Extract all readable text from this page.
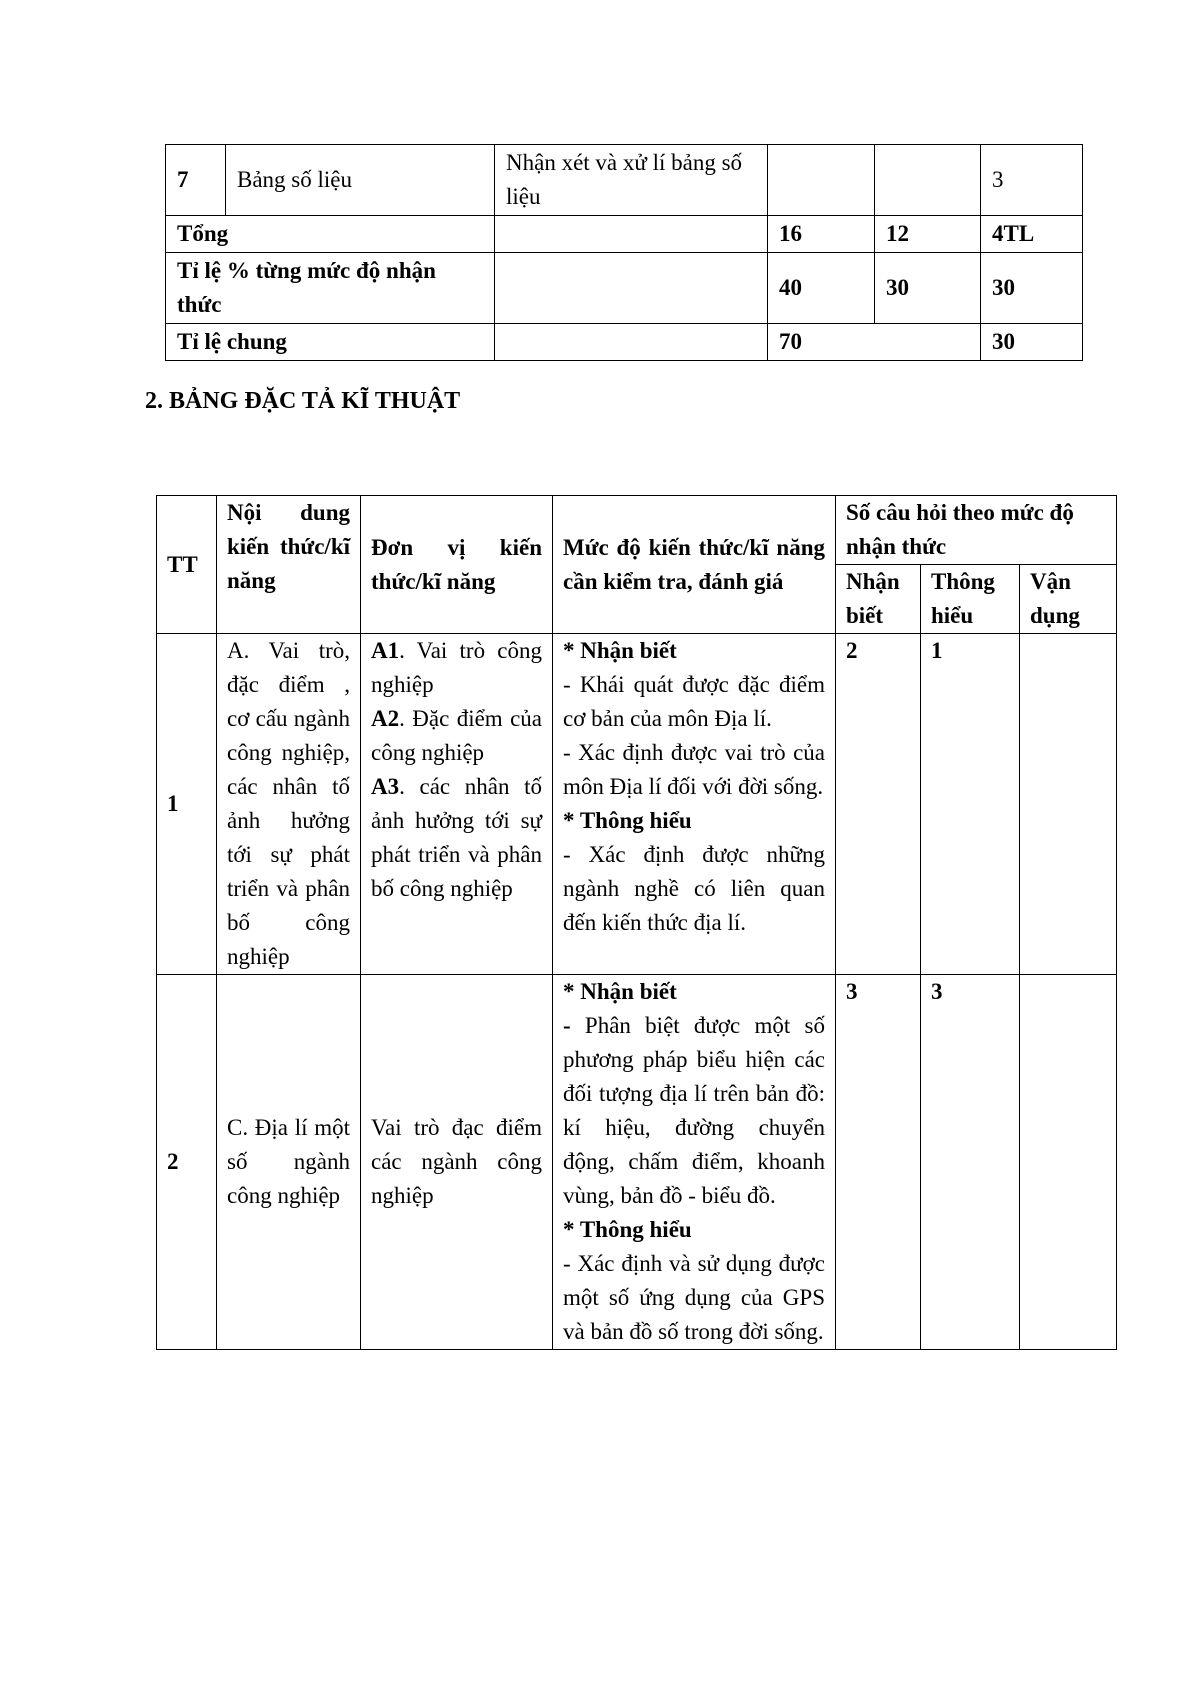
7	Bảng số liệu	Nhận xét và xử lí bảng số liệu			3
Tổng			16	12	4TL
Tỉ lệ % từng mức độ nhận thức			40	30	30
Tỉ lệ chung			70		30
2. BẢNG ĐẶC TẢ KĨ THUẬT
TT	Nội dung kiến thức/kĩ năng	Đơn vị kiến thức/kĩ năng	Mức độ kiến thức/kĩ năng cần kiểm tra, đánh giá	Số câu hỏi theo mức độ nhận thức		
				Nhận biết	Thông hiểu	Vận dụng
1	A. Vai trò, đặc điểm , cơ cấu ngành công nghiệp, các nhân tố ảnh hưởng tới sự phát triển và phân bố công nghiệp	A1. Vai trò công nghiệp
A2. Đặc điểm của công nghiệp
A3. các nhân tố ảnh hưởng tới sự phát triển và phân bố công nghiệp	* Nhận biết
- Khái quát được đặc điểm cơ bản của môn Địa lí.
- Xác định được vai trò của môn Địa lí đối với đời sống.
* Thông hiểu
- Xác định được những ngành nghề có liên quan đến kiến thức địa lí.	2	1	
2	C. Địa lí một số ngành công nghiệp	Vai trò đạc điểm các ngành công nghiệp	* Nhận biết
- Phân biệt được một số phương pháp biểu hiện các đối tượng địa lí trên bản đồ: kí hiệu, đường chuyển động, chấm điểm, khoanh vùng, bản đồ - biểu đồ.
* Thông hiểu
- Xác định và sử dụng được một số ứng dụng của GPS và bản đồ số trong đời sống.	3	3	
